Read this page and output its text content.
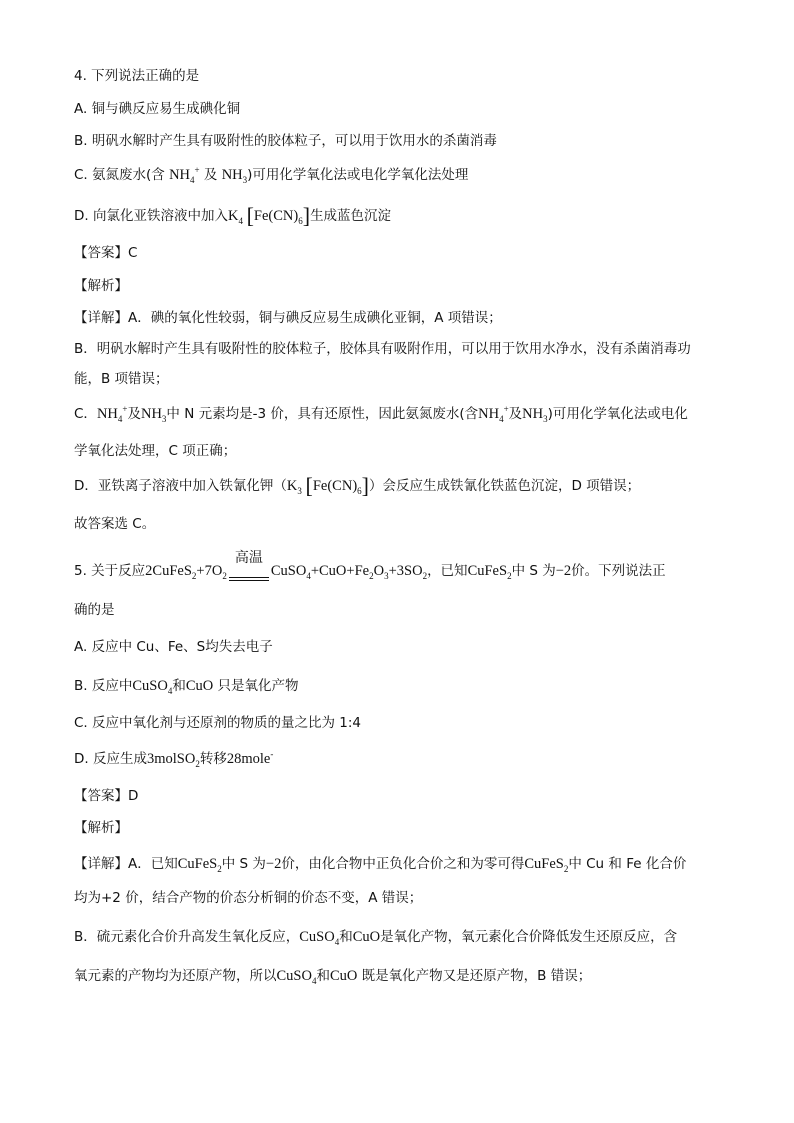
4. 下列说法正确的是
A. 铜与碘反应易生成碘化铜
B. 明矾水解时产生具有吸附性的胶体粒子，可以用于饮用水的杀菌消毒
C. 氨氮废水(含 $NH_4^+$ 及 $NH_3$)可用化学氧化法或电化学氧化法处理
D. 向氯化亚铁溶液中加入$K_4$ $[Fe(CN)_6]$生成蓝色沉淀
【答案】C
【解析】
【详解】A．碘的氧化性较弱，铜与碘反应易生成碘化亚铜，A 项错误；
B．明矾水解时产生具有吸附性的胶体粒子，胶体具有吸附作用，可以用于饮用水净水，没有杀菌消毒功
能，B 项错误；
C．$NH_4^+$及$NH_3$中 N 元素均是-3 价，具有还原性，因此氨氮废水(含$NH_4^+$及$NH_3$)可用化学氧化法或电化
学氧化法处理，C 项正确；
D．亚铁离子溶液中加入铁氰化钾（$K_3$ $[Fe(CN)_6]$）会反应生成铁氰化铁蓝色沉淀，D 项错误；
故答案选 C。
5. 关于反应$2CuFeS_2+7O_2$
高温
$CuSO_4+CuO+Fe_2O_3+3SO_2$，已知CuFeS$_2$中 S 为−2价。下列说法正
确的是
A. 反应中 Cu、Fe、S均失去电子
B. 反应中CuSO$_4$和CuO 只是氧化产物
C. 反应中氧化剂与还原剂的物质的量之比为 1:4
D. 反应生成3molSO$_2$转移28mole-
【答案】D
【解析】
【详解】A．已知CuFeS$_2$中 S 为−2价，由化合物中正负化合价之和为零可得CuFeS$_2$中 Cu 和 Fe 化合价
均为+2 价，结合产物的价态分析铜的价态不变，A 错误；
B．硫元素化合价升高发生氧化反应，CuSO$_4$和CuO是氧化产物，氧元素化合价降低发生还原反应，含
氧元素的产物均为还原产物，所以CuSO$_4$和CuO 既是氧化产物又是还原产物，B 错误；
